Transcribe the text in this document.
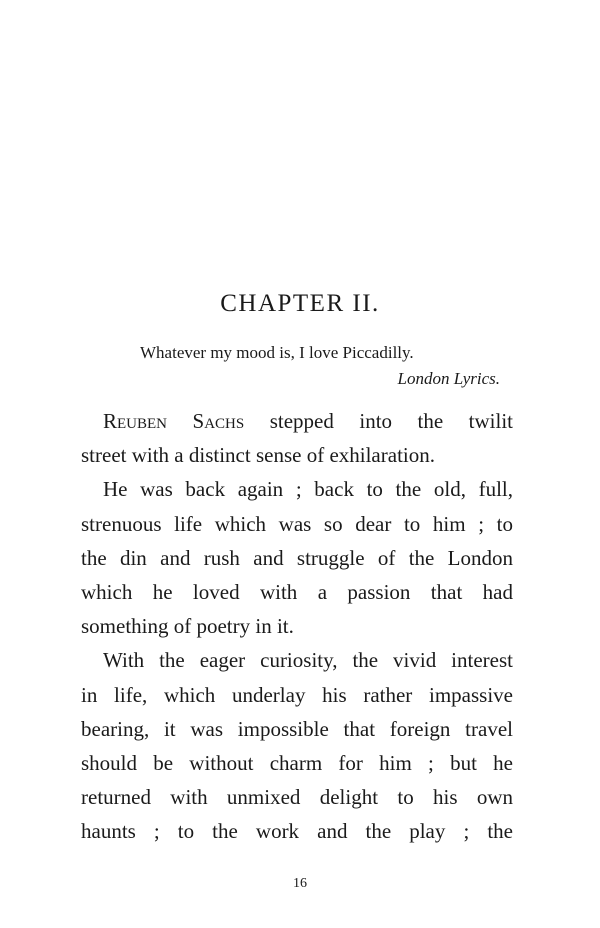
CHAPTER II.
Whatever my mood is, I love Piccadilly.
London Lyrics.

Reuben Sachs stepped into the twilit
street with a distinct sense of exhilaration.

He was back again ; back to the old, full,
strenuous life which was so dear to him ; to
the din and rush and struggle of the London
which he loved with a passion that had
something of poetry in it.

With the eager curiosity, the vivid interest
in life, which underlay his rather impassive
bearing, it was impossible that foreign travel
should be without charm for him ; but he
returned with unmixed delight to his own
haunts ; to the work and the play ; the

16
